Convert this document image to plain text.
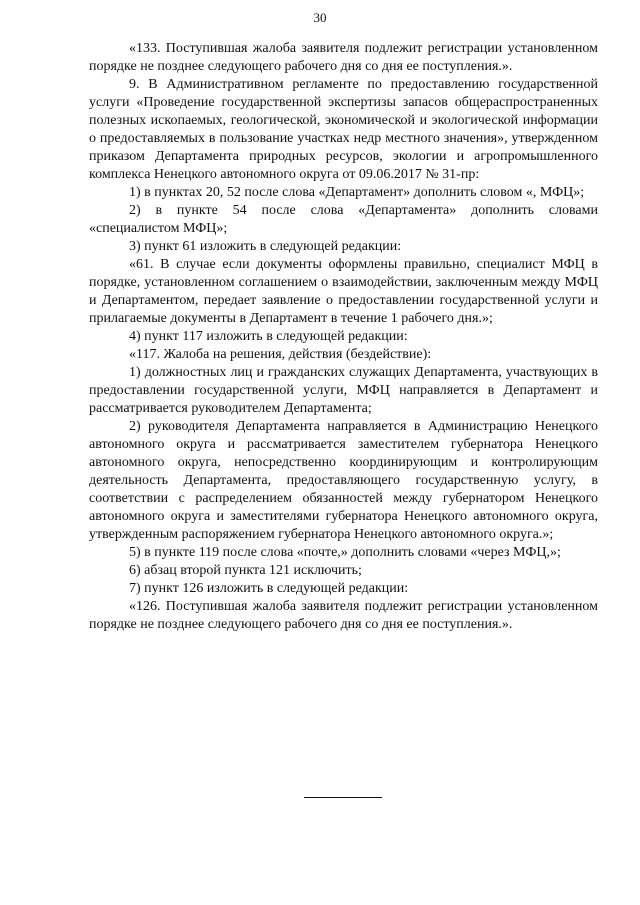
30

«133. Поступившая жалоба заявителя подлежит регистрации установленном порядке не позднее следующего рабочего дня со дня ее поступления.».

9. В Административном регламенте по предоставлению государственной услуги «Проведение государственной экспертизы запасов общераспространенных полезных ископаемых, геологической, экономической и экологической информации о предоставляемых в пользование участках недр местного значения», утвержденном приказом Департамента природных ресурсов, экологии и агропромышленного комплекса Ненецкого автономного округа от 09.06.2017 № 31-пр:

1) в пунктах 20, 52 после слова «Департамент» дополнить словом «, МФЦ»;

2) в пункте 54 после слова «Департамента» дополнить словами «специалистом МФЦ»;

3) пункт 61 изложить в следующей редакции:

«61. В случае если документы оформлены правильно, специалист МФЦ в порядке, установленном соглашением о взаимодействии, заключенным между МФЦ и Департаментом, передает заявление о предоставлении государственной услуги и прилагаемые документы в Департамент в течение 1 рабочего дня.»;

4) пункт 117 изложить в следующей редакции:

«117. Жалоба на решения, действия (бездействие):

1) должностных лиц и гражданских служащих Департамента, участвующих в предоставлении государственной услуги, МФЦ направляется в Департамент и рассматривается руководителем Департамента;

2) руководителя Департамента направляется в Администрацию Ненецкого автономного округа и рассматривается заместителем губернатора Ненецкого автономного округа, непосредственно координирующим и контролирующим деятельность Департамента, предоставляющего государственную услугу, в соответствии с распределением обязанностей между губернатором Ненецкого автономного округа и заместителями губернатора Ненецкого автономного округа, утвержденным распоряжением губернатора Ненецкого автономного округа.»;

5) в пункте 119 после слова «почте,» дополнить словами «через МФЦ,»;

6) абзац второй пункта 121 исключить;

7) пункт 126 изложить в следующей редакции:

«126. Поступившая жалоба заявителя подлежит регистрации установленном порядке не позднее следующего рабочего дня со дня ее поступления.».
